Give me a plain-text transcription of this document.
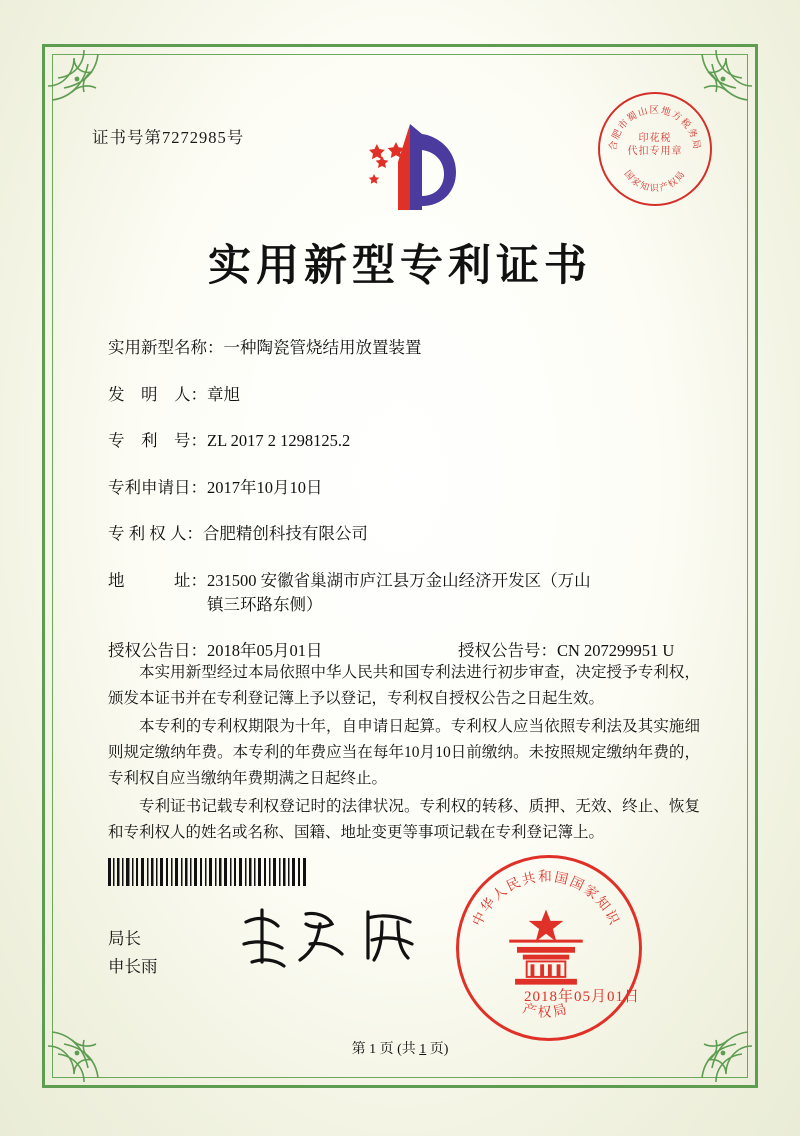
证书号第7272985号	合肥市蜀山区地方税务局
国家知识产权局
印花税
代扣专用章
实用新型专利证书
实用新型名称：一种陶瓷管烧结用放置装置
发　明　人：章旭
专　利　号：ZL 2017 2 1298125.2
专利申请日：2017年10月10日
专 利 权 人：合肥精创科技有限公司
地　　　址：231500 安徽省巢湖市庐江县万金山经济开发区（万山镇三环路东侧）
授权公告日：2018年05月01日	授权公告号：CN 207299951 U

本实用新型经过本局依照中华人民共和国专利法进行初步审查，决定授予专利权，颁发本证书并在专利登记簿上予以登记，专利权自授权公告之日起生效。

本专利的专利权期限为十年，自申请日起算。专利权人应当依照专利法及其实施细则规定缴纳年费。本专利的年费应当在每年10月10日前缴纳。未按照规定缴纳年费的，专利权自应当缴纳年费期满之日起终止。

专利证书记载专利权登记时的法律状况。专利权的转移、质押、无效、终止、恢复和专利权人的姓名或名称、国籍、地址变更等事项记载在专利登记簿上。

局长
申长雨
中华人民共和国国家知识
产权局
2018年05月01日
第 1 页 (共 1 页)
